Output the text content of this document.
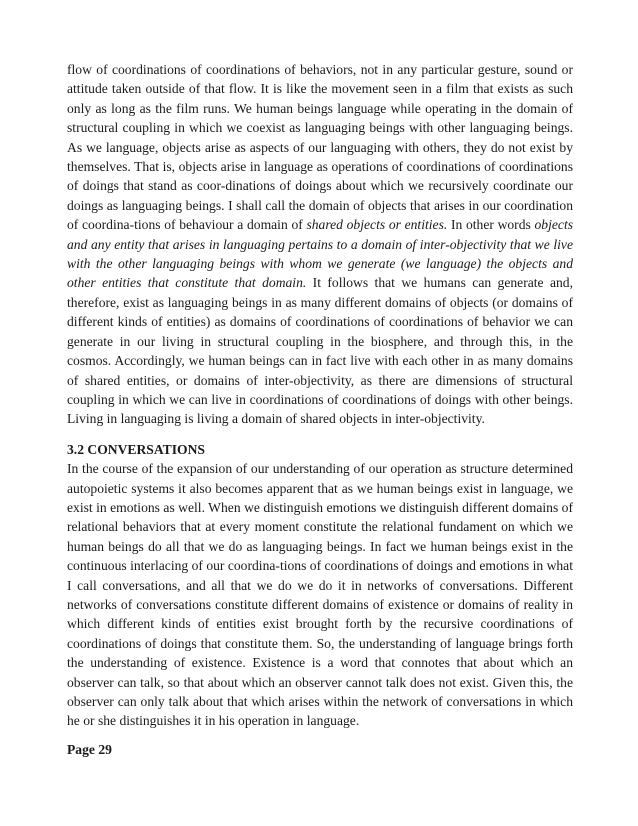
flow of coordinations of coordinations of behaviors, not in any particular gesture, sound or attitude taken outside of that flow. It is like the movement seen in a film that exists as such only as long as the film runs. We human beings language while operating in the domain of structural coupling in which we coexist as languaging beings with other languaging beings. As we language, objects arise as aspects of our languaging with others, they do not exist by themselves. That is, objects arise in language as operations of coordinations of coordinations of doings that stand as coor-dinations of doings about which we recursively coordinate our doings as languaging beings. I shall call the domain of objects that arises in our coordination of coordina-tions of behaviour a domain of shared objects or entities. In other words objects and any entity that arises in languaging pertains to a domain of inter-objectivity that we live with the other languaging beings with whom we generate (we language) the objects and other entities that constitute that domain. It follows that we humans can generate and, therefore, exist as languaging beings in as many different domains of objects (or domains of different kinds of entities) as domains of coordinations of coordinations of behavior we can generate in our living in structural coupling in the biosphere, and through this, in the cosmos. Accordingly, we human beings can in fact live with each other in as many domains of shared entities, or domains of inter-objectivity, as there are dimensions of structural coupling in which we can live in coordinations of coordinations of doings with other beings. Living in languaging is living a domain of shared objects in inter-objectivity.

3.2 CONVERSATIONS

In the course of the expansion of our understanding of our operation as structure determined autopoietic systems it also becomes apparent that as we human beings exist in language, we exist in emotions as well. When we distinguish emotions we distinguish different domains of relational behaviors that at every moment constitute the relational fundament on which we human beings do all that we do as languaging beings. In fact we human beings exist in the continuous interlacing of our coordina-tions of coordinations of doings and emotions in what I call conversations, and all that we do we do it in networks of conversations. Different networks of conversations constitute different domains of existence or domains of reality in which different kinds of entities exist brought forth by the recursive coordinations of coordinations of doings that constitute them. So, the understanding of language brings forth the understanding of existence. Existence is a word that connotes that about which an observer can talk, so that about which an observer cannot talk does not exist. Given this, the observer can only talk about that which arises within the network of conversations in which he or she distinguishes it in his operation in language.

Page 29
